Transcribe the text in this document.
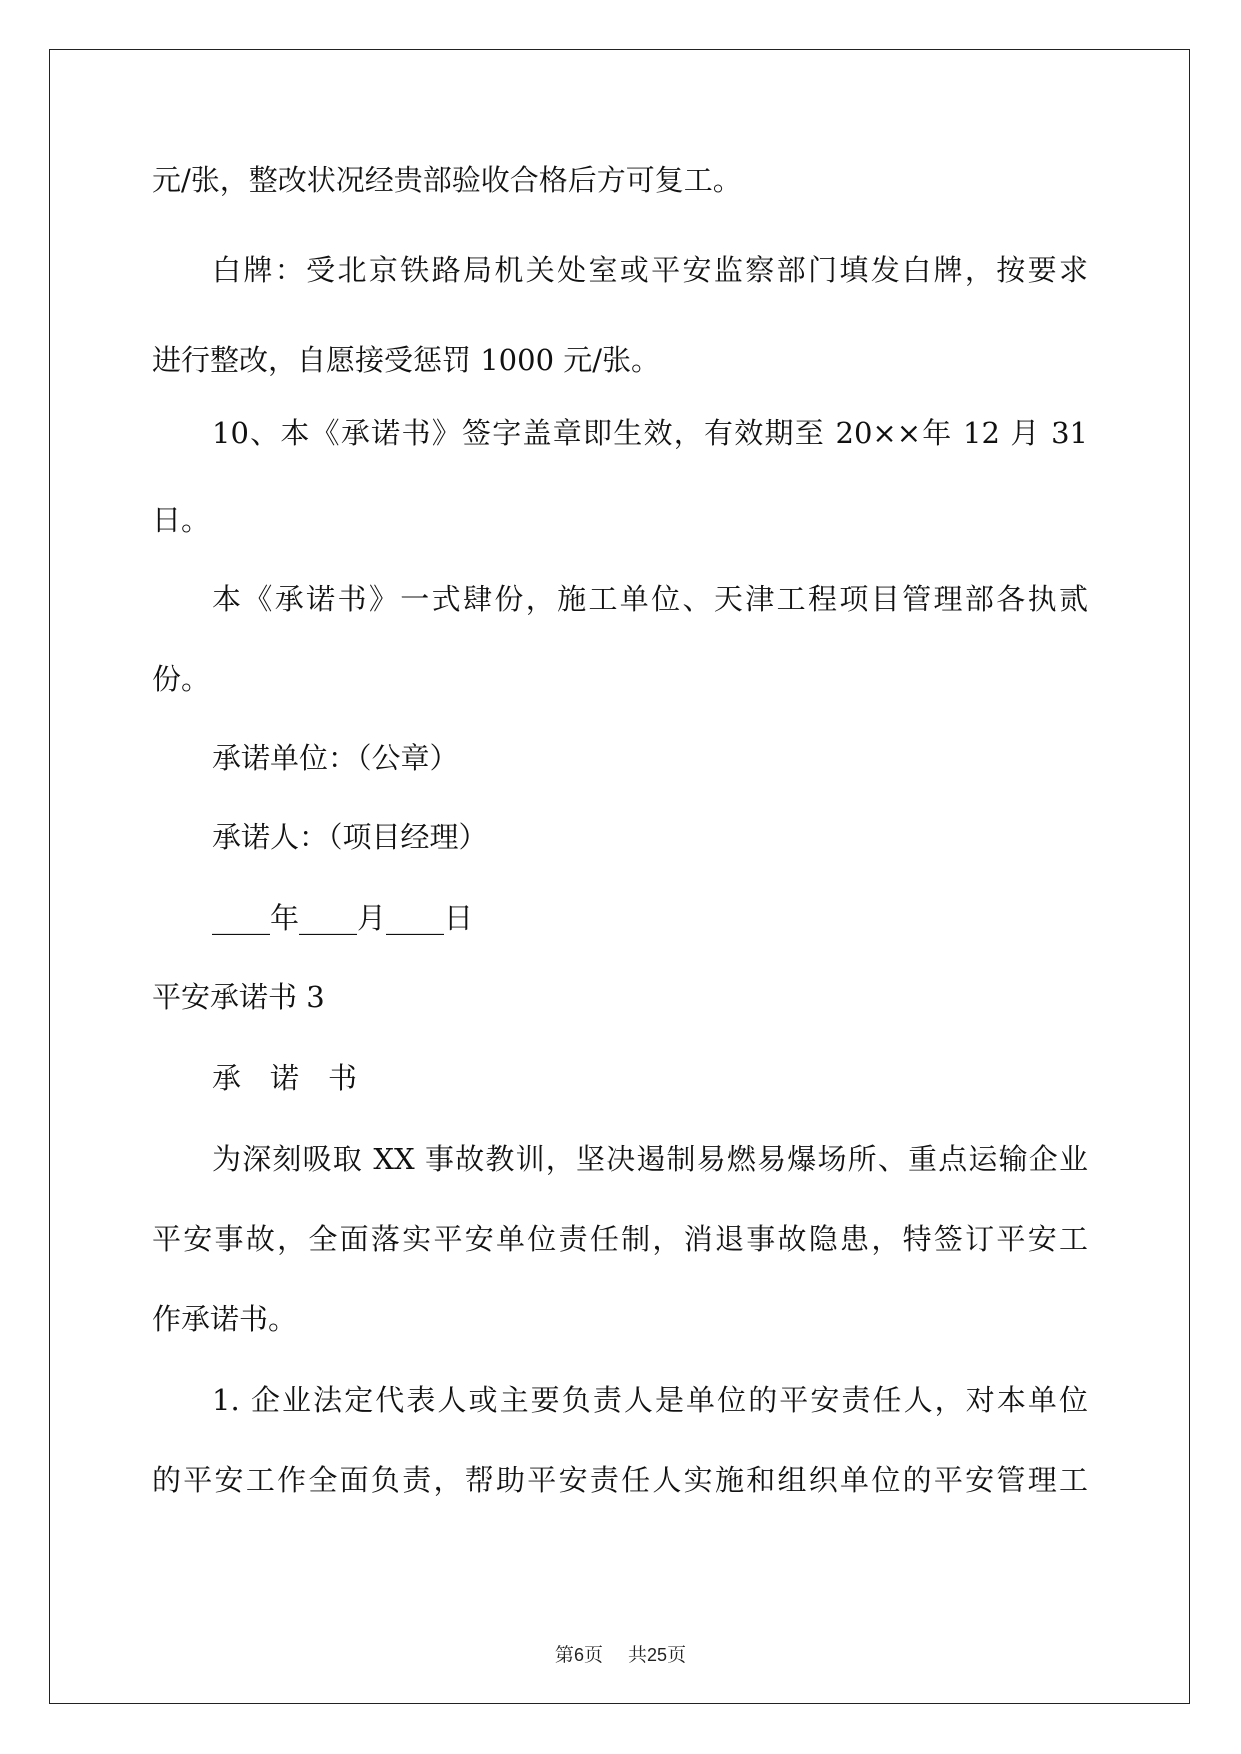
元/张，整改状况经贵部验收合格后方可复工。
白牌：受北京铁路局机关处室或平安监察部门填发白牌，按要求
进行整改，自愿接受惩罚 1000 元/张。
10、本《承诺书》签字盖章即生效，有效期至 20××年 12 月 31
日。
本《承诺书》一式肆份，施工单位、天津工程项目管理部各执贰
份。
承诺单位：（公章）
承诺人：（项目经理）
____年____月____日
平安承诺书 3
承　诺　书
为深刻吸取 XX 事故教训，坚决遏制易燃易爆场所、重点运输企业
平安事故，全面落实平安单位责任制，消退事故隐患，特签订平安工
作承诺书。
1. 企业法定代表人或主要负责人是单位的平安责任人，对本单位
的平安工作全面负责，帮助平安责任人实施和组织单位的平安管理工
第6页   共25页
